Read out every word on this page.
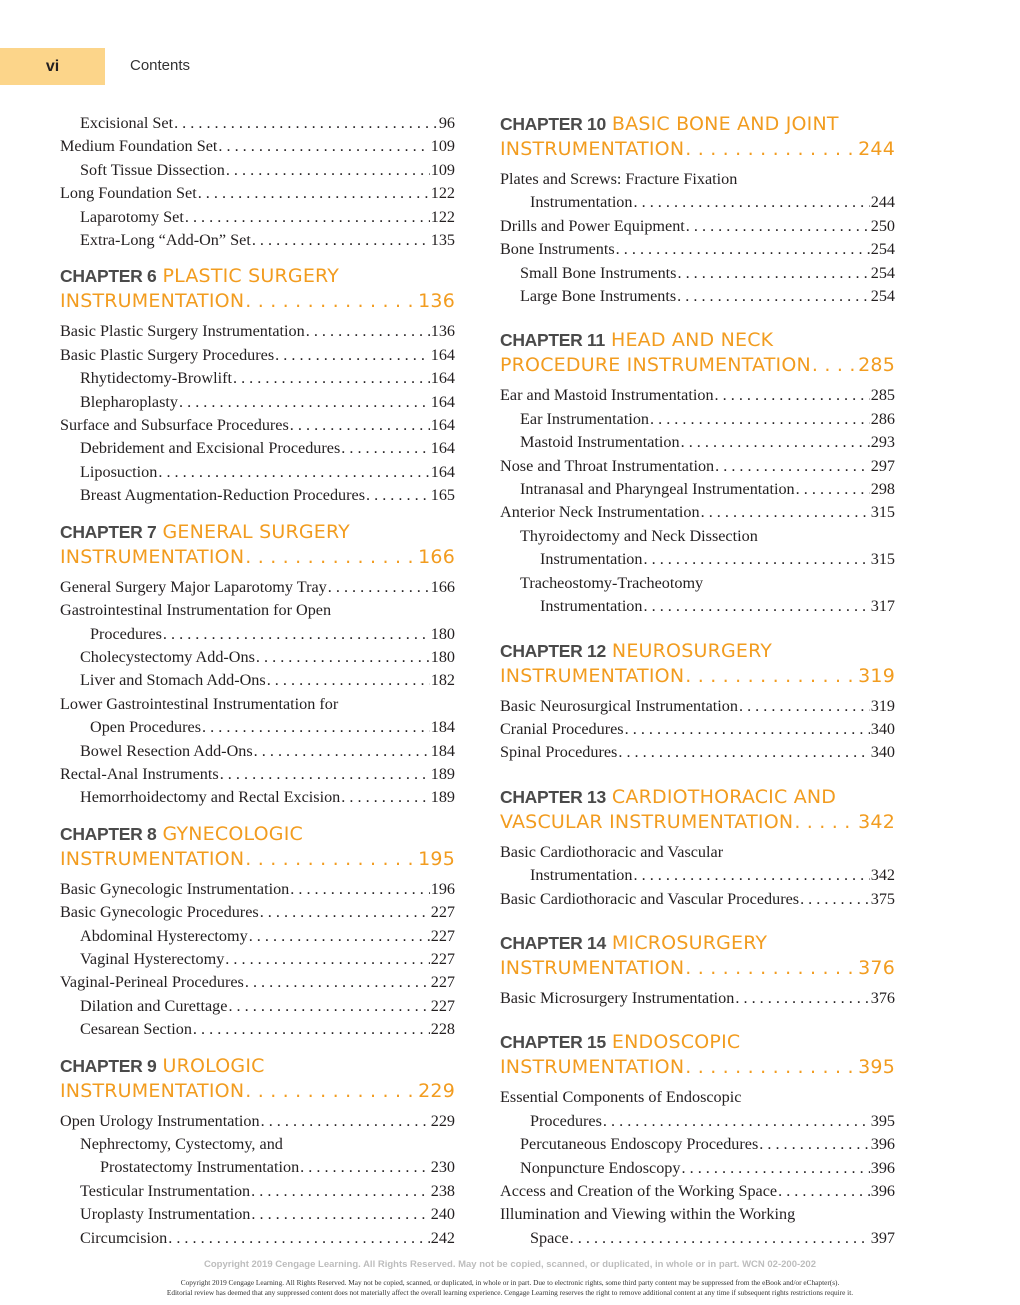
vi	Contents
Excisional Set . . .	96
Medium Foundation Set . . .	109
Soft Tissue Dissection . . .	109
Long Foundation Set . . .	122
Laparotomy Set . . .	122
Extra-Long “Add-On” Set . . .	135
CHAPTER 6 PLASTIC SURGERY
INSTRUMENTATION . . .	136
Basic Plastic Surgery Instrumentation . . .	136
Basic Plastic Surgery Procedures . . .	164
Rhytidectomy-Browlift . . .	164
Blepharoplasty . . .	164
Surface and Subsurface Procedures . . .	164
Debridement and Excisional Procedures . . .	164
Liposuction . . .	164
Breast Augmentation-Reduction Procedures . . .	165
CHAPTER 7 GENERAL SURGERY
INSTRUMENTATION . . .	166
General Surgery Major Laparotomy Tray . . .	166
Gastrointestinal Instrumentation for Open
Procedures . . .	180
Cholecystectomy Add-Ons . . .	180
Liver and Stomach Add-Ons . . .	182
Lower Gastrointestinal Instrumentation for
Open Procedures . . .	184
Bowel Resection Add-Ons . . .	184
Rectal-Anal Instruments . . .	189
Hemorrhoidectomy and Rectal Excision . . .	189
CHAPTER 8 GYNECOLOGIC
INSTRUMENTATION . . .	195
Basic Gynecologic Instrumentation . . .	196
Basic Gynecologic Procedures . . .	227
Abdominal Hysterectomy . . .	227
Vaginal Hysterectomy . . .	227
Vaginal-Perineal Procedures . . .	227
Dilation and Curettage . . .	227
Cesarean Section . . .	228
CHAPTER 9 UROLOGIC
INSTRUMENTATION . . .	229
Open Urology Instrumentation . . .	229
Nephrectomy, Cystectomy, and
Prostatectomy Instrumentation . . .	230
Testicular Instrumentation . . .	238
Uroplasty Instrumentation . . .	240
Circumcision . . .	242
CHAPTER 10 BASIC BONE AND JOINT
INSTRUMENTATION . . .	244
Plates and Screws: Fracture Fixation
Instrumentation . . .	244
Drills and Power Equipment . . .	250
Bone Instruments . . .	254
Small Bone Instruments . . .	254
Large Bone Instruments . . .	254
CHAPTER 11 HEAD AND NECK
PROCEDURE INSTRUMENTATION . . . 285
Ear and Mastoid Instrumentation . . .	285
Ear Instrumentation . . .	286
Mastoid Instrumentation . . .	293
Nose and Throat Instrumentation . . .	297
Intranasal and Pharyngeal Instrumentation . . .	298
Anterior Neck Instrumentation . . .	315
Thyroidectomy and Neck Dissection
Instrumentation . . .	315
Tracheostomy-Tracheotomy
Instrumentation . . .	317
CHAPTER 12 NEUROSURGERY
INSTRUMENTATION . . .	319
Basic Neurosurgical Instrumentation . . .	319
Cranial Procedures . . .	340
Spinal Procedures . . .	340
CHAPTER 13 CARDIOTHORACIC AND
VASCULAR INSTRUMENTATION . . .	342
Basic Cardiothoracic and Vascular
Instrumentation . . .	342
Basic Cardiothoracic and Vascular Procedures . . .	375
CHAPTER 14 MICROSURGERY
INSTRUMENTATION . . .	376
Basic Microsurgery Instrumentation . . .	376
CHAPTER 15 ENDOSCOPIC
INSTRUMENTATION . . .	395
Essential Components of Endoscopic
Procedures . . .	395
Percutaneous Endoscopy Procedures . . .	396
Nonpuncture Endoscopy . . .	396
Access and Creation of the Working Space . . .	396
Illumination and Viewing within the Working
Space . . .	397
Copyright 2019 Cengage Learning. All Rights Reserved. May not be copied, scanned, or duplicated, in whole or in part. WCN 02-200-202
Copyright 2019 Cengage Learning. All Rights Reserved. May not be copied, scanned, or duplicated, in whole or in part. Due to electronic rights, some third party content may be suppressed from the eBook and/or eChapter(s).
Editorial review has deemed that any suppressed content does not materially affect the overall learning experience. Cengage Learning reserves the right to remove additional content at any time if subsequent rights restrictions require it.
